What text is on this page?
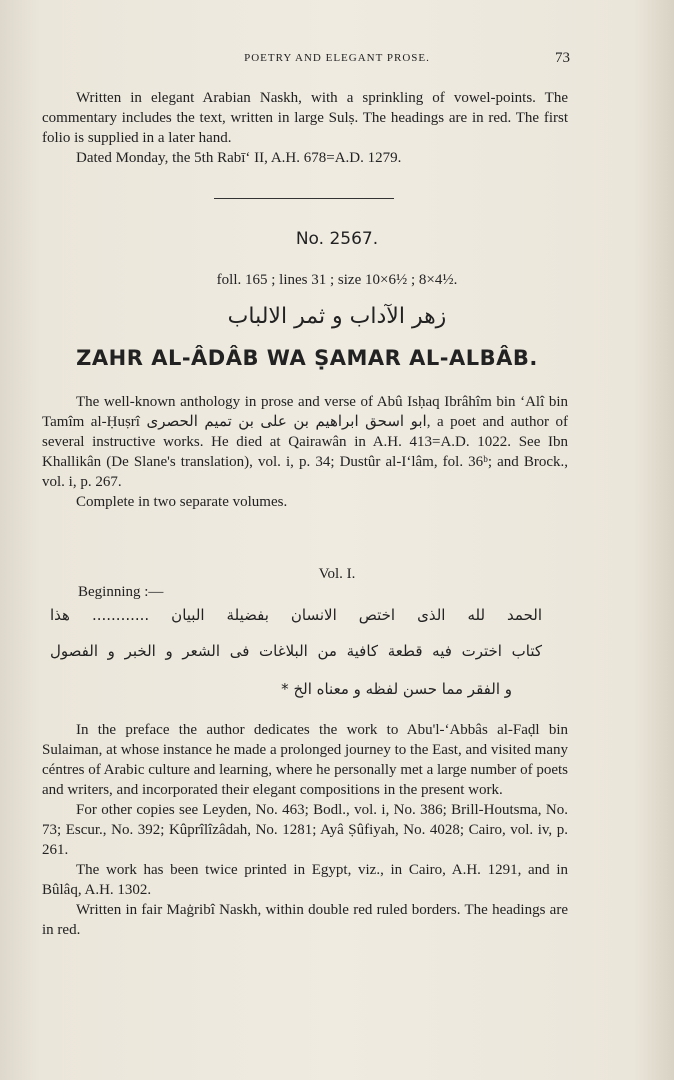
POETRY AND ELEGANT PROSE.	73

Written in elegant Arabian Naskh, with a sprinkling of vowel-points. The commentary includes the text, written in large Sulṣ. The headings are in red. The first folio is supplied in a later hand.

Dated Monday, the 5th Rabī‘ II, A.H. 678=A.D. 1279.

No. 2567.
foll. 165 ; lines 31 ; size 10×6½ ; 8×4½.
زهر الآداب و ثمر الالباب
ZAHR AL-ÂDÂB WA ṢAMAR AL-ALBÂB.

The well-known anthology in prose and verse of Abû Isḥaq Ibrâhîm bin ‘Alî bin Tamîm al-Ḥuṣrî ابو اسحق ابراهيم بن على بن تميم الحصرى, a poet and author of several instructive works. He died at Qairawân in A.H. 413=A.D. 1022. See Ibn Khallikân (De Slane's translation), vol. i, p. 34; Dustûr al-I‘lâm, fol. 36ᵇ; and Brock., vol. i, p. 267.

Complete in two separate volumes.

Vol. I.
Beginning :—
الحمد لله الذى اختص الانسان بفضيلة البيان ............ هذا
كتاب اخترت فيه قطعة كافية من البلاغات فى الشعر و الخبر و الفصول
و الفقر مما حسن لفظه و معناه الخ *

In the preface the author dedicates the work to Abu'l-‘Abbâs al-Faḍl bin Sulaiman, at whose instance he made a prolonged journey to the East, and visited many céntres of Arabic culture and learning, where he personally met a large number of poets and writers, and incorporated their elegant compositions in the present work.

For other copies see Leyden, No. 463; Bodl., vol. i, No. 386; Brill-Houtsma, No. 73; Escur., No. 392; Kûprîlîzâdah, No. 1281; Ayâ Ṣûfiyah, No. 4028; Cairo, vol. iv, p. 261.

The work has been twice printed in Egypt, viz., in Cairo, A.H. 1291, and in Bûlâq, A.H. 1302.

Written in fair Maġribî Naskh, within double red ruled borders. The headings are in red.
